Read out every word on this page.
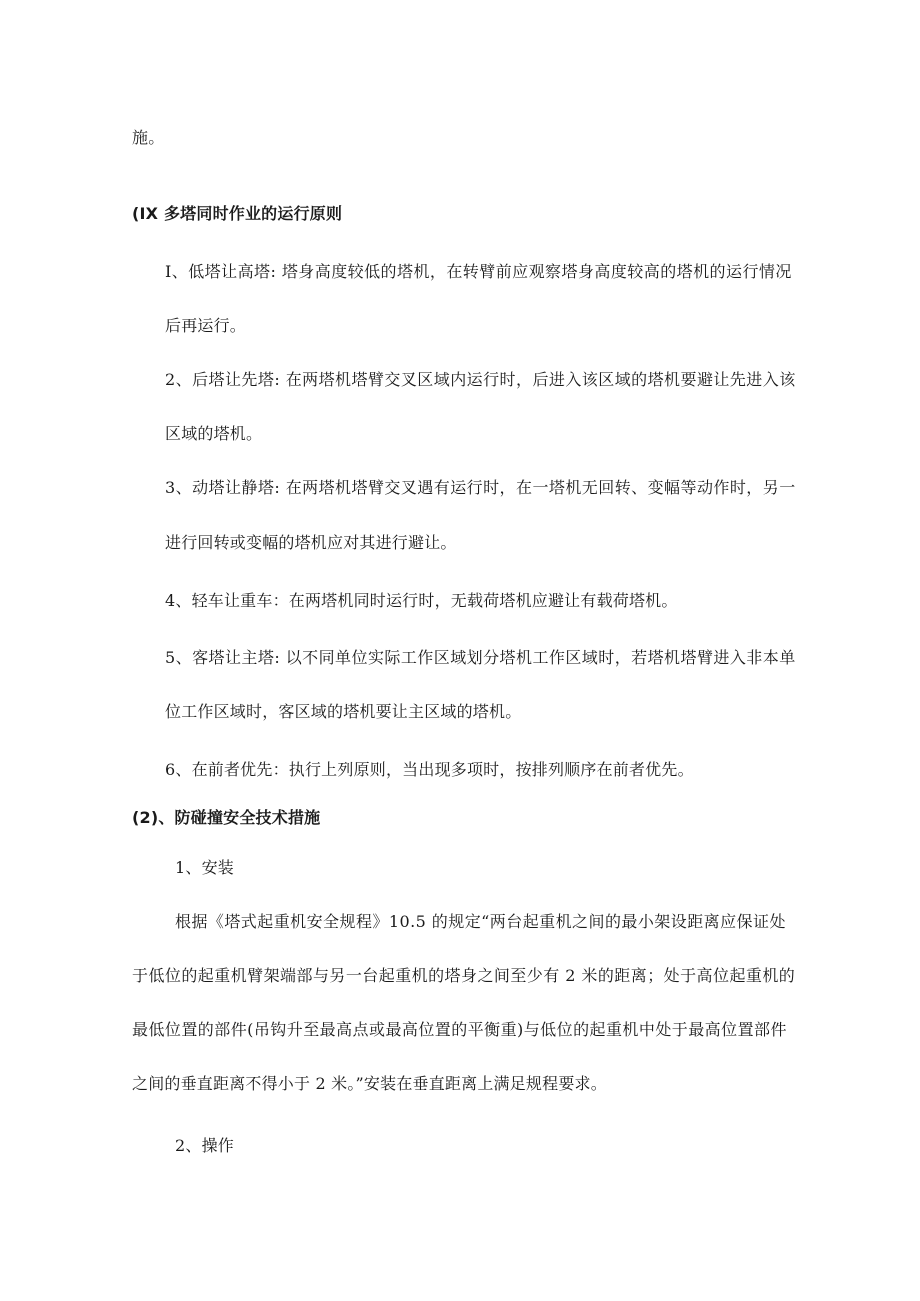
施。
(IX 多塔同时作业的运行原则
I、低塔让高塔: 塔身高度较低的塔机，在转臂前应观察塔身高度较高的塔机的运行情况
后再运行。
2、后塔让先塔: 在两塔机塔臂交叉区域内运行时，后进入该区域的塔机要避让先进入该
区域的塔机。
3、动塔让静塔: 在两塔机塔臂交叉遇有运行时，在一塔机无回转、变幅等动作时，另一
进行回转或变幅的塔机应对其进行避让。
4、轻车让重车：在两塔机同时运行时，无载荷塔机应避让有载荷塔机。
5、客塔让主塔: 以不同单位实际工作区域划分塔机工作区域时，若塔机塔臂进入非本单
位工作区域时，客区域的塔机要让主区域的塔机。
6、在前者优先：执行上列原则，当出现多项时，按排列顺序在前者优先。
(2)、防碰撞安全技术措施
1、安装
根据《塔式起重机安全规程》10.5 的规定“两台起重机之间的最小架设距离应保证处
于低位的起重机臂架端部与另一台起重机的塔身之间至少有 2 米的距离；处于高位起重机的
最低位置的部件(吊钩升至最高点或最高位置的平衡重)与低位的起重机中处于最高位置部件
之间的垂直距离不得小于 2 米。”安装在垂直距离上满足规程要求。
2、操作
